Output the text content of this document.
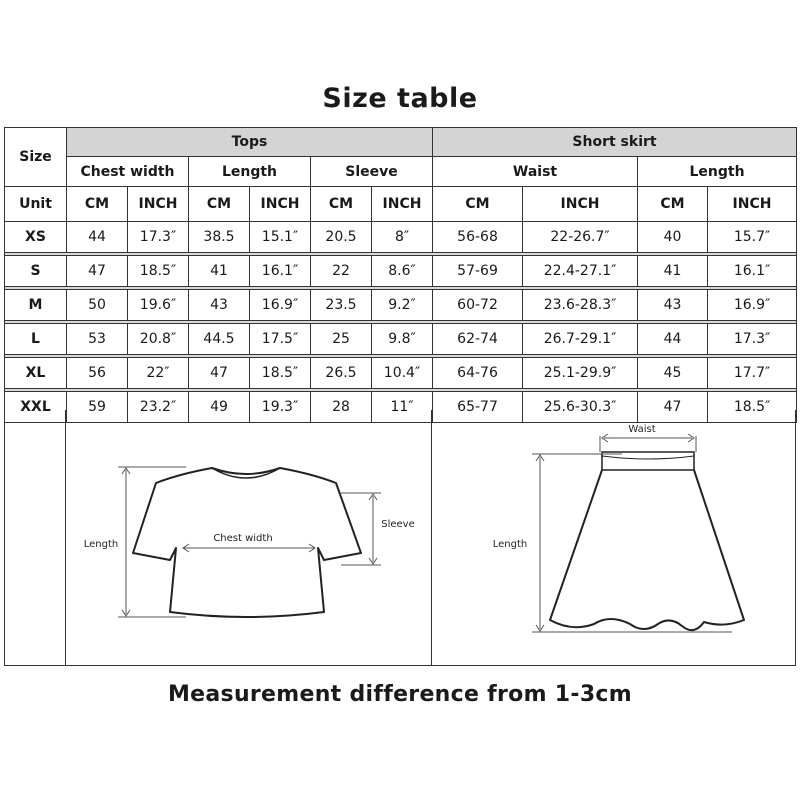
Size table
Size	Tops						Short skirt			
	Chest width		Length		Sleeve		Waist		Length	
Unit	CM	INCH	CM	INCH	CM	INCH	CM	INCH	CM	INCH
XS	44	17.3″	38.5	15.1″	20.5	8″	56-68	22-26.7″	40	15.7″

S	47	18.5″	41	16.1″	22	8.6″	57-69	22.4-27.1″	41	16.1″

M	50	19.6″	43	16.9″	23.5	9.2″	60-72	23.6-28.3″	43	16.9″

L	53	20.8″	44.5	17.5″	25	9.8″	62-74	26.7-29.1″	44	17.3″

XL	56	22″	47	18.5″	26.5	10.4″	64-76	25.1-29.9″	45	17.7″

XXL	59	23.2″	49	19.3″	28	11″	65-77	25.6-30.3″	47	18.5″
Length
Chest width
Sleeve
Waist
Length
Measurement difference from 1-3cm
